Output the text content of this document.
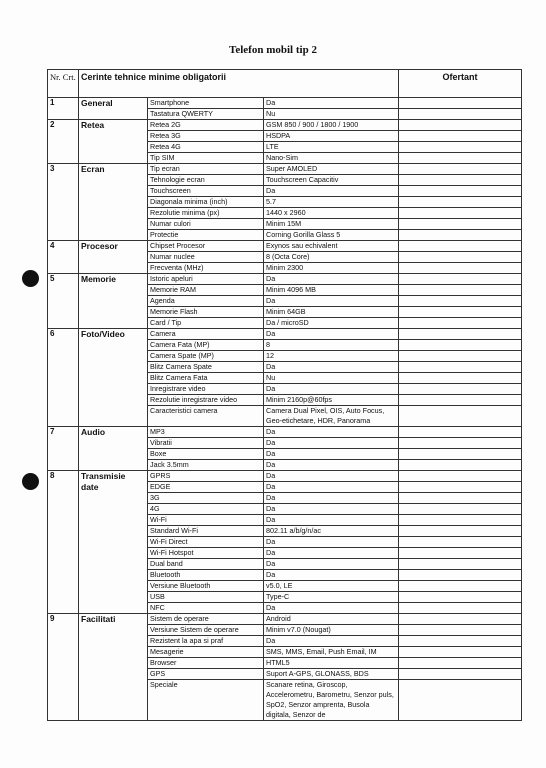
Telefon mobil tip 2
Nr. Crt.	Cerinte tehnice minime obligatorii			Ofertant
1	General	Smartphone	Da	
		Tastatura QWERTY	Nu	
2	Retea	Retea 2G	GSM 850 / 900 / 1800 / 1900	
		Retea 3G	HSDPA	
		Retea 4G	LTE	
		Tip SIM	Nano-Sim	
3	Ecran	Tip ecran	Super AMOLED	
		Tehnologie ecran	Touchscreen Capacitiv	
		Touchscreen	Da	
		Diagonala minima (inch)	5.7	
		Rezolutie minima (px)	1440 x 2960	
		Numar culori	Minim 15M	
		Protectie	Corning Gorilla Glass 5	
4	Procesor	Chipset Procesor	Exynos sau echivalent	
		Numar nuclee	8 (Octa Core)	
		Frecventa (MHz)	Minim 2300	
5	Memorie	Istoric apeluri	Da	
		Memorie RAM	Minim 4096 MB	
		Agenda	Da	
		Memorie Flash	Minim 64GB	
		Card / Tip	Da / microSD	
6	Foto/Video	Camera	Da	
		Camera Fata (MP)	8	
		Camera Spate (MP)	12	
		Blitz Camera Spate	Da	
		Blitz Camera Fata	Nu	
		Inregistrare video	Da	
		Rezolutie inregistrare video	Minim 2160p@60fps	
		Caracteristici camera	Camera Dual Pixel, OIS, Auto Focus, Geo-etichetare, HDR, Panorama	
7	Audio	MP3	Da	
		Vibratii	Da	
		Boxe	Da	
		Jack 3.5mm	Da	
8	Transmisie date	GPRS	Da	
		EDGE	Da	
		3G	Da	
		4G	Da	
		Wi-Fi	Da	
		Standard Wi-Fi	802.11 a/b/g/n/ac	
		Wi-Fi Direct	Da	
		Wi-Fi Hotspot	Da	
		Dual band	Da	
		Bluetooth	Da	
		Versiune Bluetooth	v5.0, LE	
		USB	Type-C	
		NFC	Da	
9	Facilitati	Sistem de operare	Android	
		Versiune Sistem de operare	Minim v7.0 (Nougat)	
		Rezistent la apa si praf	Da	
		Mesagerie	SMS, MMS, Email, Push Email, IM	
		Browser	HTML5	
		GPS	Suport A-GPS, GLONASS, BDS	
		Speciale	Scanare retina, Giroscop, Accelerometru, Barometru, Senzor puls, SpO2, Senzor amprenta, Busola digitala, Senzor de	
